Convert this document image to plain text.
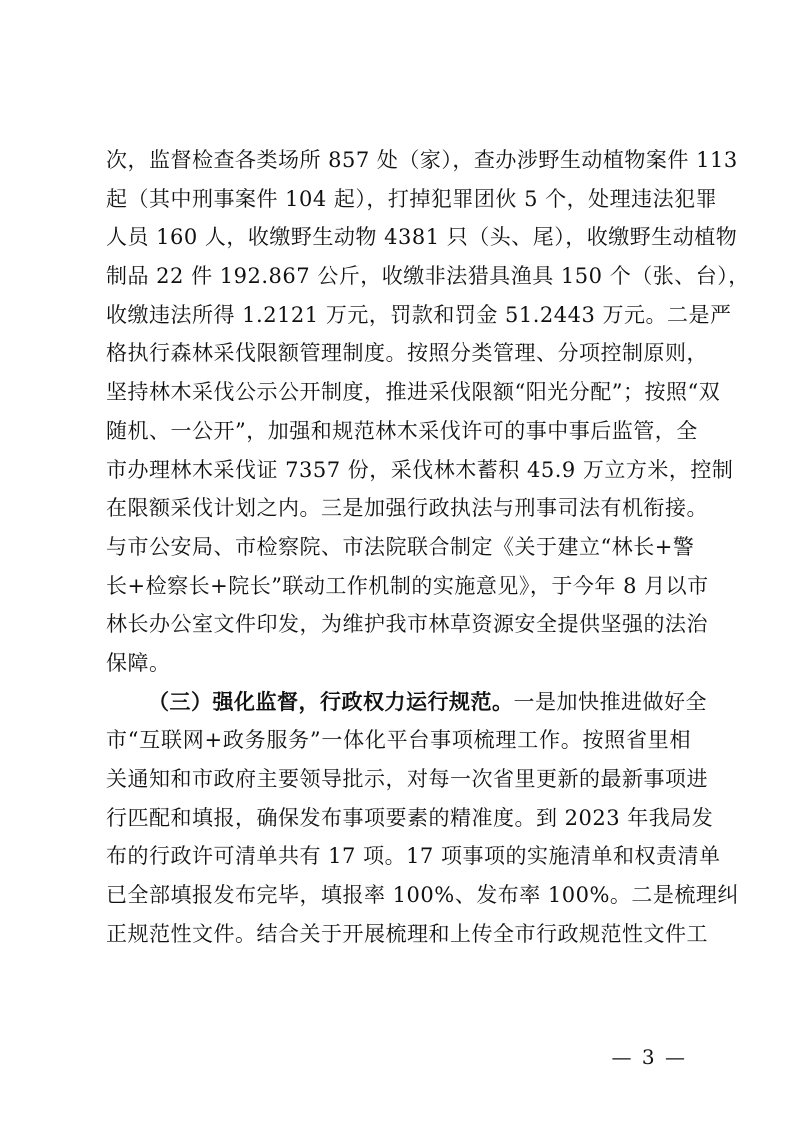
次，监督检查各类场所 857 处（家），查办涉野生动植物案件 113
起（其中刑事案件 104 起），打掉犯罪团伙 5 个，处理违法犯罪
人员 160 人，收缴野生动物 4381 只（头、尾），收缴野生动植物
制品 22 件 192.867 公斤，收缴非法猎具渔具 150 个（张、台），
收缴违法所得 1.2121 万元，罚款和罚金 51.2443 万元。二是严
格执行森林采伐限额管理制度。按照分类管理、分项控制原则，
坚持林木采伐公示公开制度，推进采伐限额“阳光分配”；按照“双
随机、一公开”，加强和规范林木采伐许可的事中事后监管，全
市办理林木采伐证 7357 份，采伐林木蓄积 45.9 万立方米，控制
在限额采伐计划之内。三是加强行政执法与刑事司法有机衔接。
与市公安局、市检察院、市法院联合制定《关于建立“林长+警
长+检察长+院长”联动工作机制的实施意见》，于今年 8 月以市
林长办公室文件印发，为维护我市林草资源安全提供坚强的法治
保障。
（三）强化监督，行政权力运行规范。一是加快推进做好全
市“互联网+政务服务”一体化平台事项梳理工作。按照省里相
关通知和市政府主要领导批示，对每一次省里更新的最新事项进
行匹配和填报，确保发布事项要素的精准度。到 2023 年我局发
布的行政许可清单共有 17 项。17 项事项的实施清单和权责清单
已全部填报发布完毕，填报率 100%、发布率 100%。二是梳理纠
正规范性文件。结合关于开展梳理和上传全市行政规范性文件工
— 3 —
